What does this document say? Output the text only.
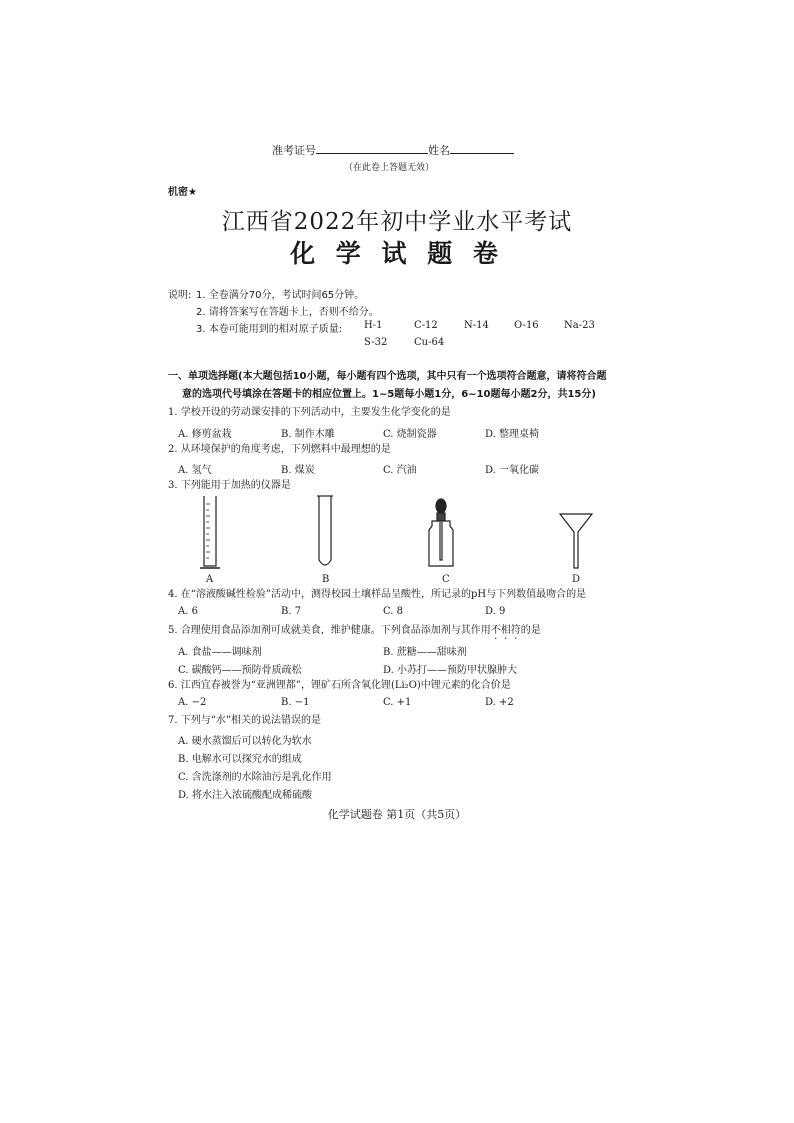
准考证号	姓名
（在此卷上答题无效）
机密★
江西省2022年初中学业水平考试
化 学 试 题 卷
说明: 1. 全卷满分70分，考试时间65分钟。
2. 请将答案写在答题卡上，否则不给分。
3. 本卷可能用到的相对原子质量: H-1	C-12	N-14	O-16	Na-23
S-32	Cu-64
一、单项选择题(本大题包括10小题，每小题有四个选项，其中只有一个选项符合题意，请将符合题
意的选项代号填涂在答题卡的相应位置上。1~5题每小题1分，6~10题每小题2分，共15分)
1. 学校开设的劳动课安排的下列活动中，主要发生化学变化的是
A. 修剪盆栽	B. 制作木雕	C. 烧制瓷器	D. 整理桌椅
2. 从环境保护的角度考虑，下列燃料中最理想的是
A. 氢气	B. 煤炭	C. 汽油	D. 一氧化碳
3. 下列能用于加热的仪器是
A	B	C	D
4. 在“溶液酸碱性检验”活动中，测得校园土壤样品呈酸性，所记录的pH与下列数值最吻合的是
A. 6	B. 7	C. 8	D. 9
5. 合理使用食品添加剂可成就美食，维护健康。下列食品添加剂与其作用不相符的是
A. 食盐——调味剂	B. 蔗糖——甜味剂
C. 碳酸钙——预防骨质疏松	D. 小苏打——预防甲状腺肿大
6. 江西宜春被誉为“亚洲锂都”，锂矿石所含氧化锂(Li₂O)中锂元素的化合价是
A. −2	B. −1	C. +1	D. +2
7. 下列与“水”相关的说法错误的是
A. 硬水蒸馏后可以转化为软水
B. 电解水可以探究水的组成
C. 含洗涤剂的水除油污是乳化作用
D. 将水注入浓硫酸配成稀硫酸
化学试题卷 第1页（共5页）
